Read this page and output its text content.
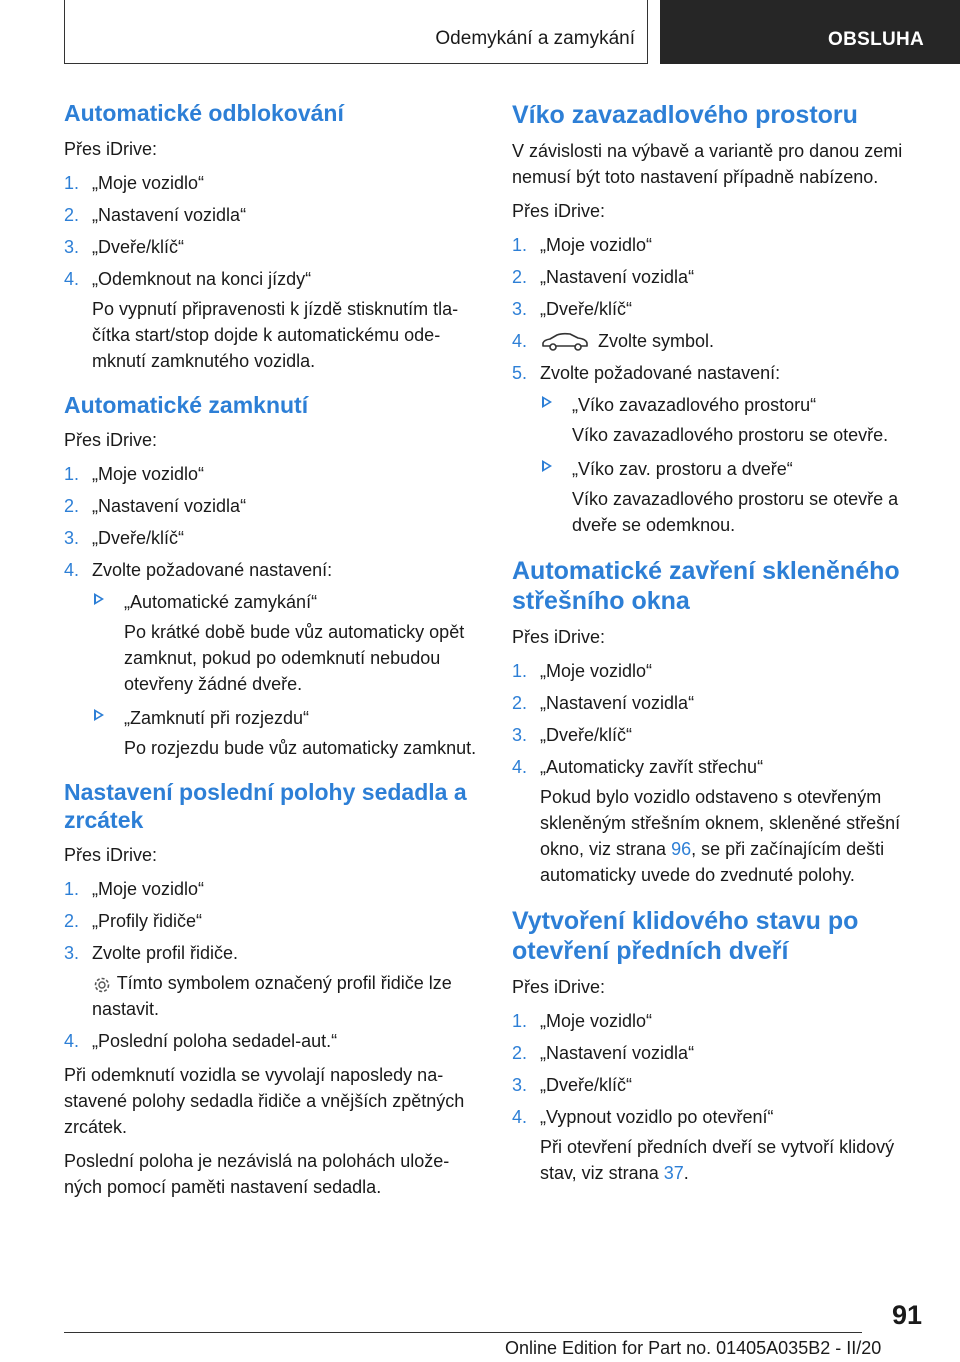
Odemykání a zamykání	OBSLUHA
Automatické odblokování

Přes iDrive:

1. „Moje vozidlo“
2. „Nastavení vozidla“
3. „Dveře/klíč“
4. „Odemknout na konci jízdy“
Po vypnutí připravenosti k jízdě stisknutím tlačítka start/stop dojde k automatickému odemknutí zamknutého vozidla.
Automatické zamknutí

Přes iDrive:

1. „Moje vozidlo“
2. „Nastavení vozidla“
3. „Dveře/klíč“
4. Zvolte požadované nastavení:
„Automatické zamykání“
Po krátké době bude vůz automaticky opět zamknut, pokud po odemknutí nebudou otevřeny žádné dveře.
„Zamknutí při rozjezdu“
Po rozjezdu bude vůz automaticky zamknut.
Nastavení poslední polohy sedadla a zrcátek

Přes iDrive:

1. „Moje vozidlo“
2. „Profily řidiče“
3. Zvolte profil řidiče.
Tímto symbolem označený profil řidiče lze nastavit.
4. „Poslední poloha sedadel-aut.“

Při odemknutí vozidla se vyvolají naposledy nastavené polohy sedadla řidiče a vnějších zpětných zrcátek.

Poslední poloha je nezávislá na polohách uložených pomocí paměti nastavení sedadla.

Víko zavazadlového prostoru

V závislosti na výbavě a variantě pro danou zemi nemusí být toto nastavení případně nabízeno.

Přes iDrive:

1. „Moje vozidlo“
2. „Nastavení vozidla“
3. „Dveře/klíč“
4.	Zvolte symbol.
5. Zvolte požadované nastavení:
„Víko zavazadlového prostoru“
Víko zavazadlového prostoru se otevře.
„Víko zav. prostoru a dveře“
Víko zavazadlového prostoru se otevře a dveře se odemknou.
Automatické zavření skleněného střešního okna

Přes iDrive:

1. „Moje vozidlo“
2. „Nastavení vozidla“
3. „Dveře/klíč“
4. „Automaticky zavřít střechu“
Pokud bylo vozidlo odstaveno s otevřeným skleněným střešním oknem, skleněné střešní okno, viz strana 96, se při začínajícím dešti automaticky uvede do zvednuté polohy.
Vytvoření klidového stavu po otevření předních dveří

Přes iDrive:

1. „Moje vozidlo“
2. „Nastavení vozidla“
3. „Dveře/klíč“
4. „Vypnout vozidlo po otevření“
Při otevření předních dveří se vytvoří klidový stav, viz strana 37.
91
Online Edition for Part no. 01405A035B2 - II/20
